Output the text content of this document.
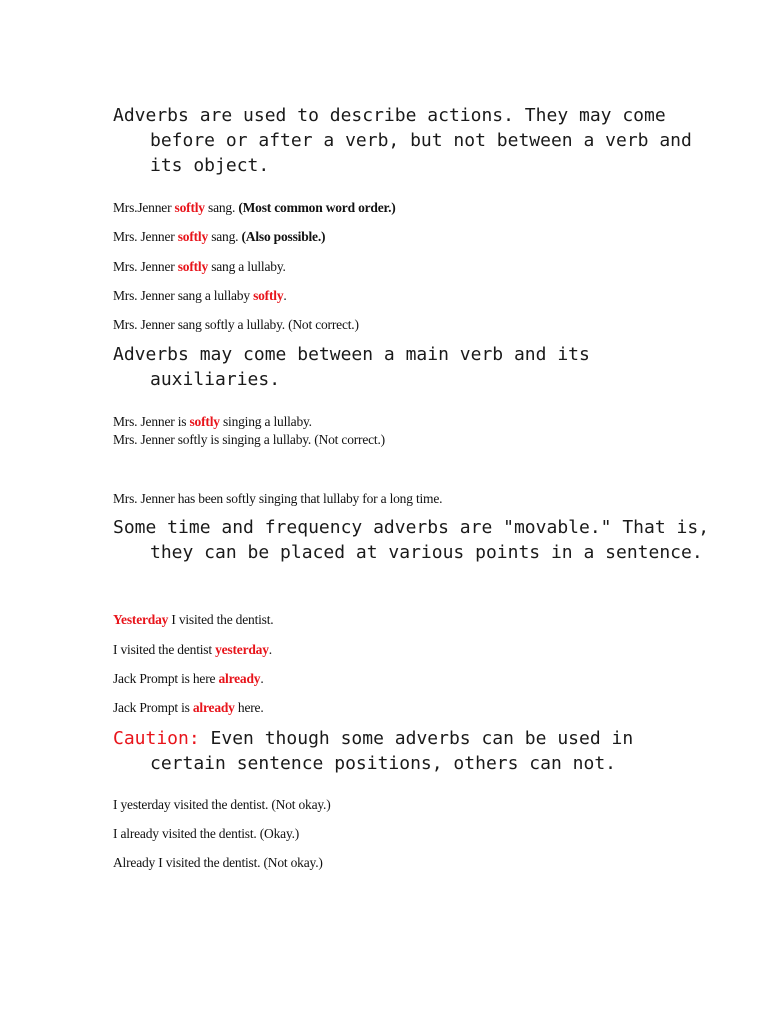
Adverbs are used to describe actions. They may come before or after a verb, but not between a verb and its object.
Mrs.Jenner softly sang. (Most common word order.)
Mrs. Jenner softly sang. (Also possible.)
Mrs. Jenner softly sang a lullaby.
Mrs. Jenner sang a lullaby softly.
Mrs. Jenner sang softly a lullaby. (Not correct.)
Adverbs may come between a main verb and its auxiliaries.
Mrs. Jenner is softly singing a lullaby.
Mrs. Jenner softly is singing a lullaby. (Not correct.)
Mrs. Jenner has been softly singing that lullaby for a long time.
Some time and frequency adverbs are "movable." That is, they can be placed at various points in a sentence.
Yesterday I visited the dentist.
I visited the dentist yesterday.
Jack Prompt is here already.
Jack Prompt is already here.
Caution: Even though some adverbs can be used in certain sentence positions, others can not.
I yesterday visited the dentist. (Not okay.)
I already visited the dentist. (Okay.)
Already I visited the dentist. (Not okay.)
